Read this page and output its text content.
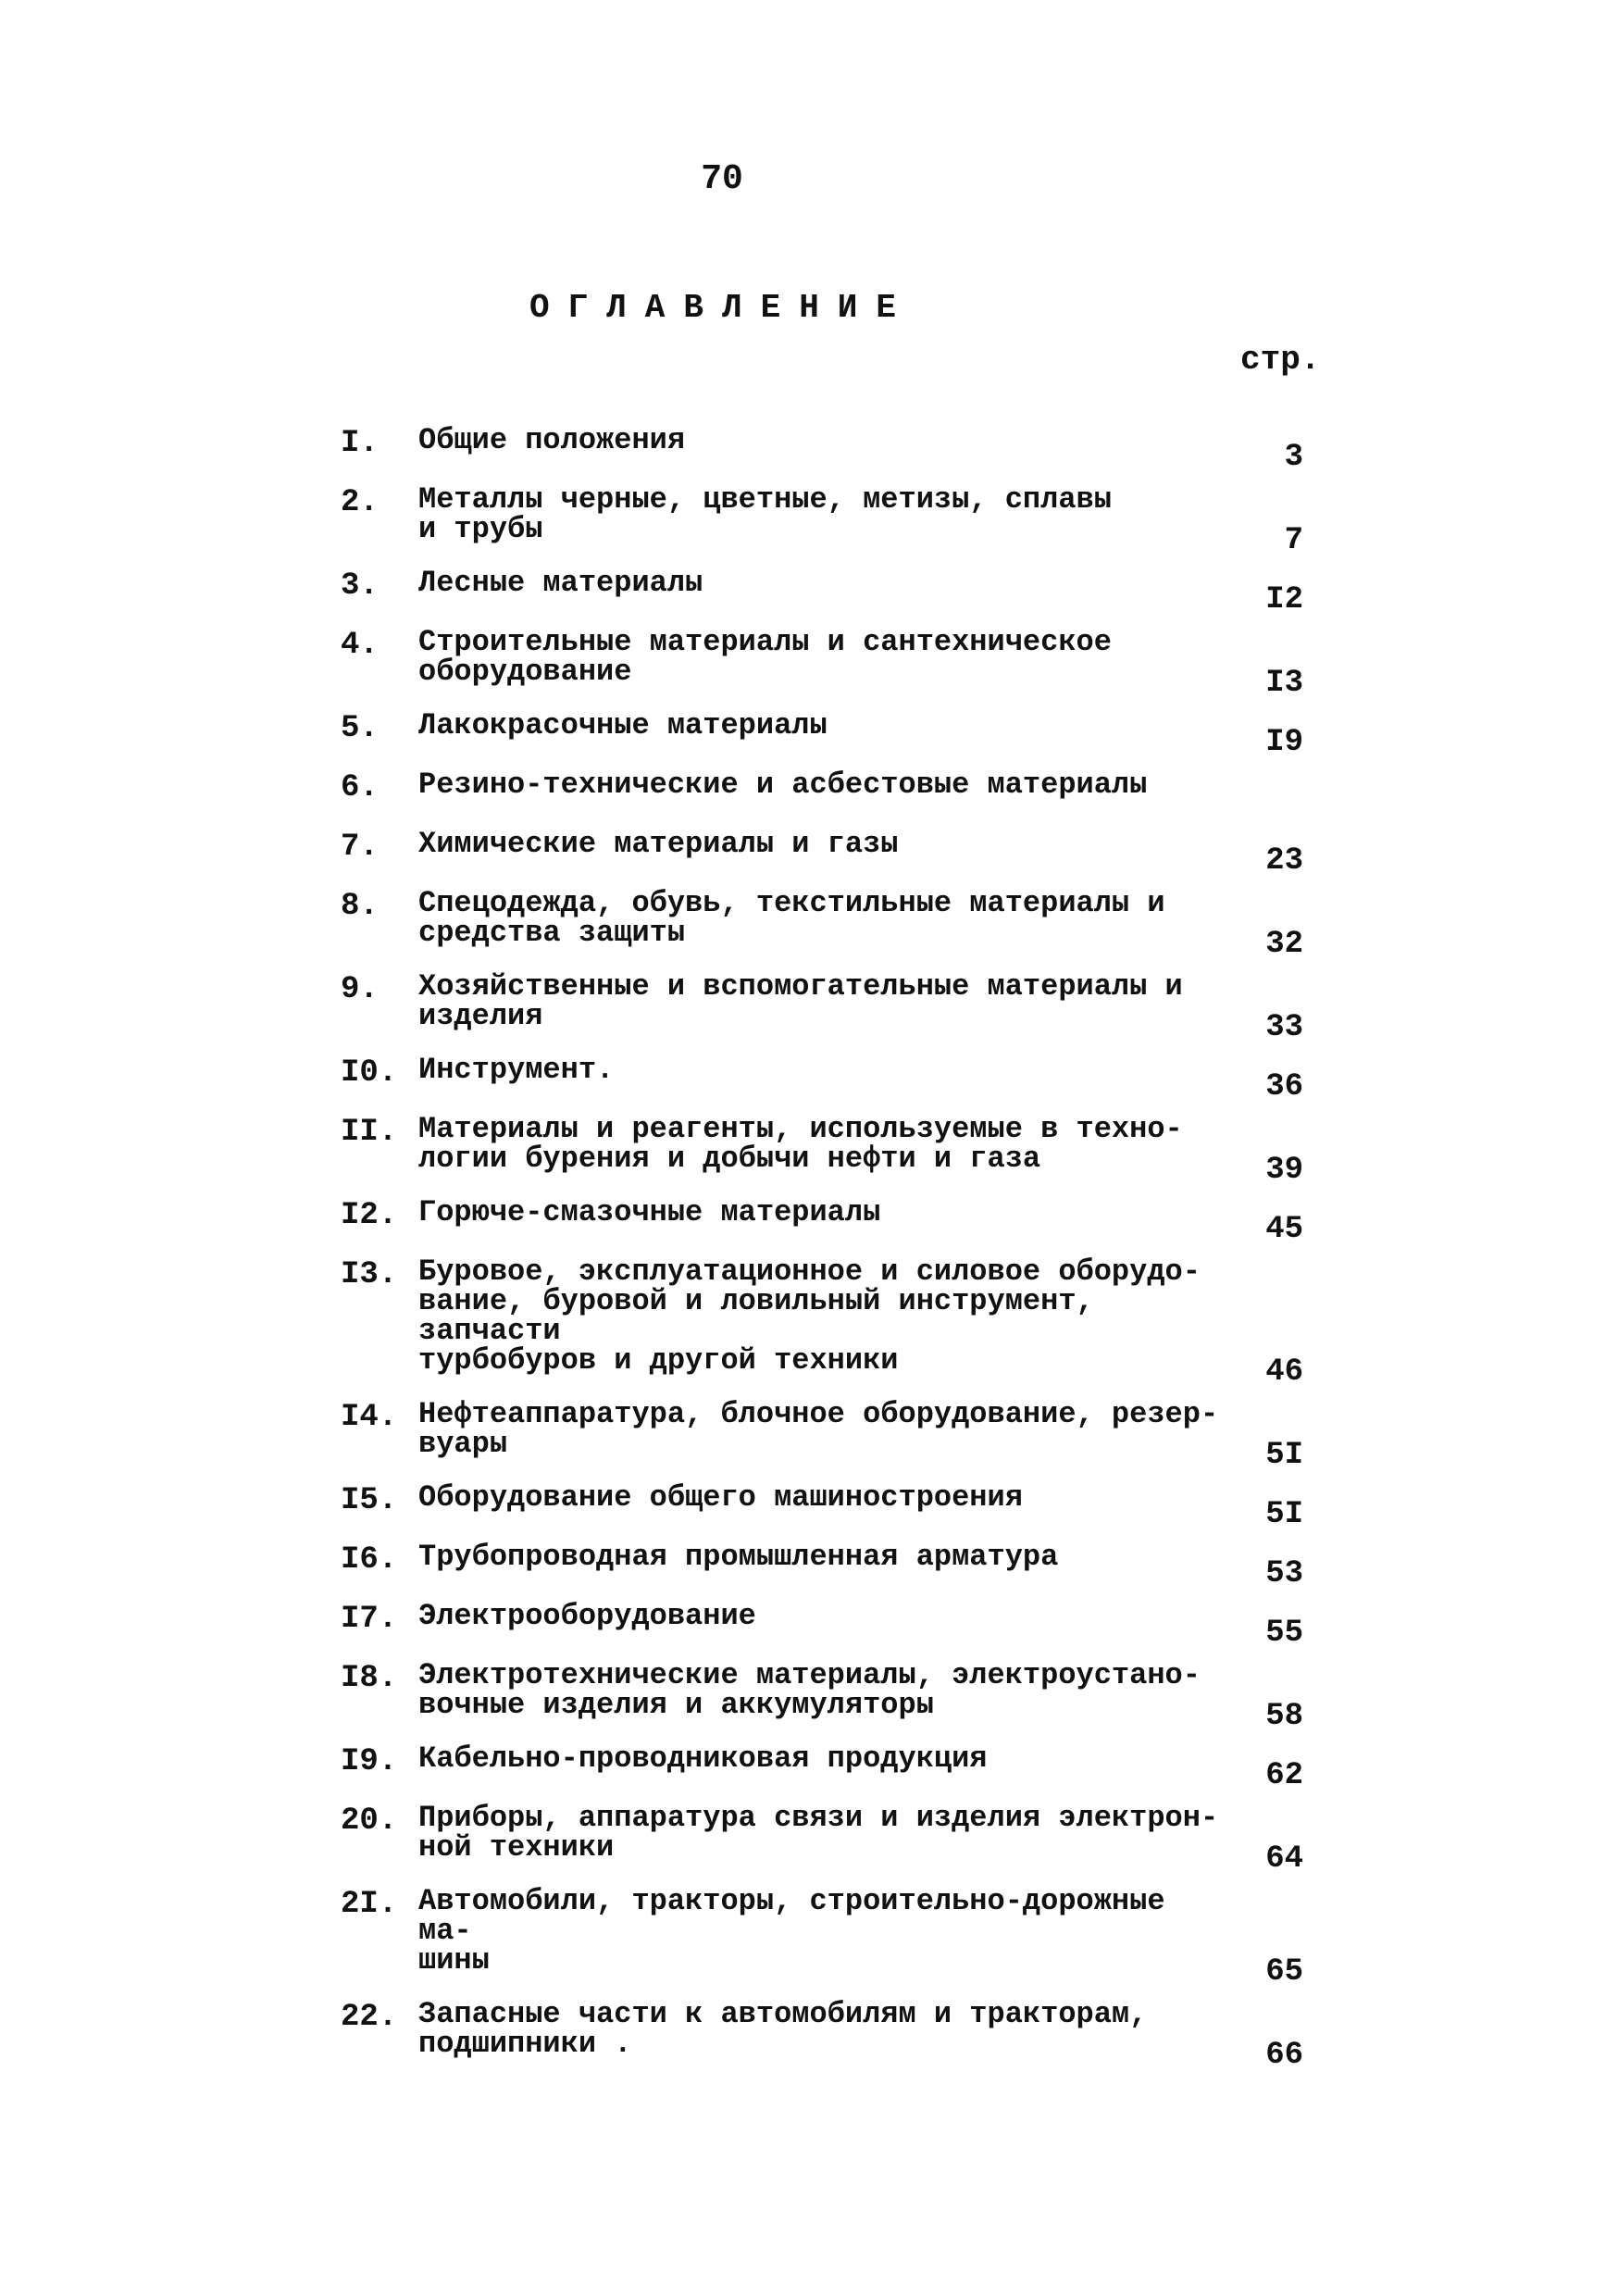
70
ОГЛАВЛЕНИЕ
стр.
I.	Общие положения	3
2.	Металлы черные, цветные, метизы, сплавы
и трубы	7
3.	Лесные материалы	I2
4.	Строительные материалы и сантехническое
оборудование	I3
5.	Лакокрасочные материалы	I9
6.	Резино-технические и асбестовые материалы
7.	Химические материалы и газы	23
8.	Спецодежда, обувь, текстильные материалы и
средства защиты	32
9.	Хозяйственные и вспомогательные материалы и
изделия	33
I0. Инструмент.	36
II. Материалы и реагенты, используемые в техно-
логии бурения и добычи нефти и газа	39
I2. Горюче-смазочные материалы	45
I3. Буровое, эксплуатационное и силовое оборудо-
вание, буровой и ловильный инструмент, запчасти
турбобуров и другой техники	46
I4. Нефтеаппаратура, блочное оборудование, резер-
вуары	5I
I5. Оборудование общего машиностроения	5I
I6. Трубопроводная промышленная арматура	53
I7. Электрооборудование	55
I8. Электротехнические материалы, электроустано-
вочные изделия и аккумуляторы	58
I9. Кабельно-проводниковая продукция	62
20. Приборы, аппаратура связи и изделия электрон-
ной техники	64
2I. Автомобили, тракторы, строительно-дорожные ма-
шины	65
22. Запасные части к автомобилям и тракторам,
подшипники .	66
